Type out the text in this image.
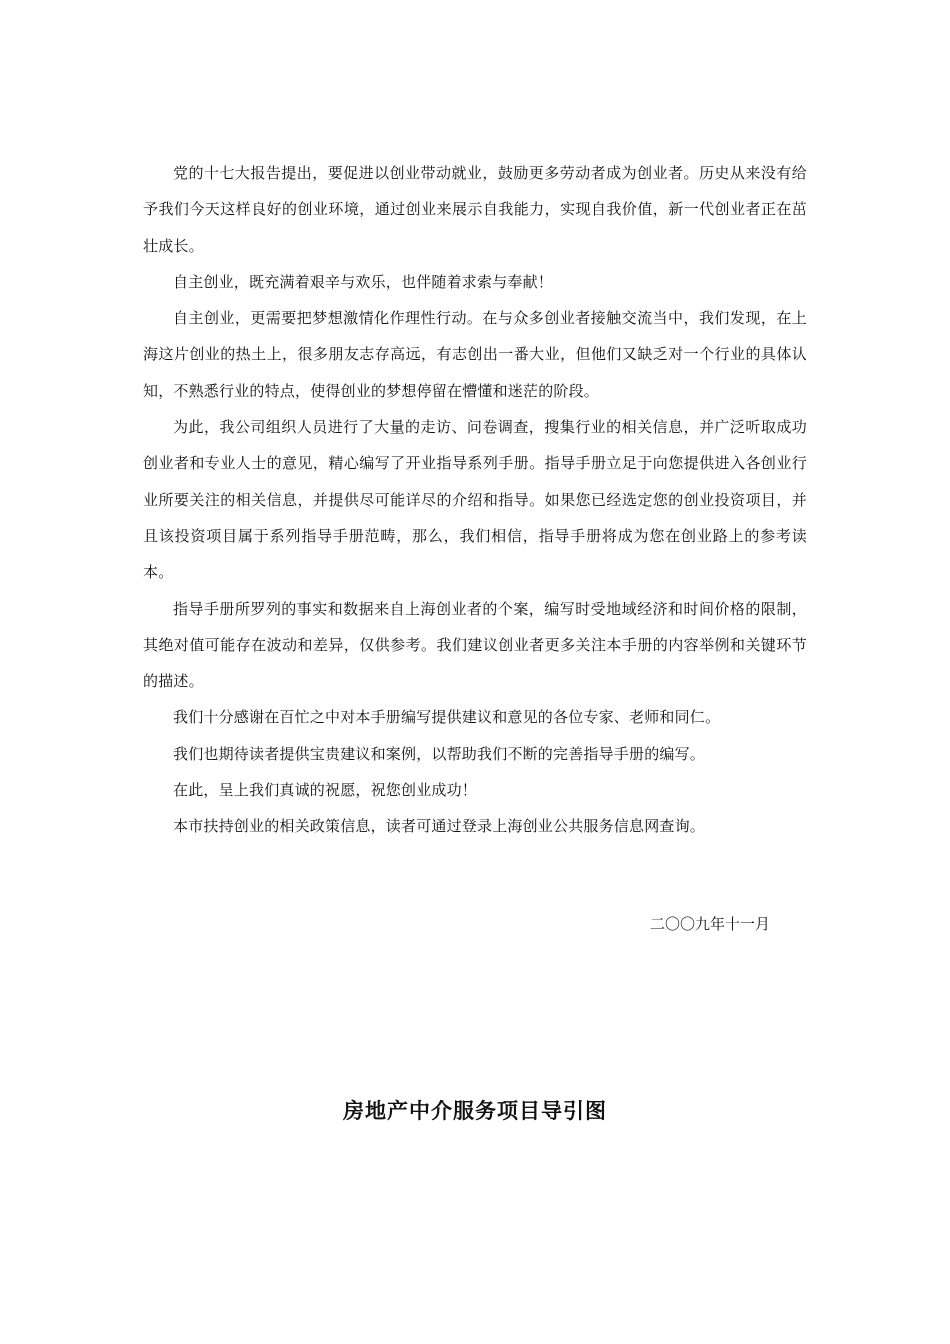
党的十七大报告提出，要促进以创业带动就业，鼓励更多劳动者成为创业者。历史从来没有给予我们今天这样良好的创业环境，通过创业来展示自我能力，实现自我价值，新一代创业者正在茁壮成长。

自主创业，既充满着艰辛与欢乐，也伴随着求索与奉献！

自主创业，更需要把梦想激情化作理性行动。在与众多创业者接触交流当中，我们发现，在上海这片创业的热土上，很多朋友志存高远，有志创出一番大业，但他们又缺乏对一个行业的具体认知，不熟悉行业的特点，使得创业的梦想停留在懵懂和迷茫的阶段。

为此，我公司组织人员进行了大量的走访、问卷调查，搜集行业的相关信息，并广泛听取成功创业者和专业人士的意见，精心编写了开业指导系列手册。指导手册立足于向您提供进入各创业行业所要关注的相关信息，并提供尽可能详尽的介绍和指导。如果您已经选定您的创业投资项目，并且该投资项目属于系列指导手册范畴，那么，我们相信，指导手册将成为您在创业路上的参考读本。

指导手册所罗列的事实和数据来自上海创业者的个案，编写时受地域经济和时间价格的限制，其绝对值可能存在波动和差异，仅供参考。我们建议创业者更多关注本手册的内容举例和关键环节的描述。

我们十分感谢在百忙之中对本手册编写提供建议和意见的各位专家、老师和同仁。

我们也期待读者提供宝贵建议和案例，以帮助我们不断的完善指导手册的编写。

在此，呈上我们真诚的祝愿，祝您创业成功！

本市扶持创业的相关政策信息，读者可通过登录上海创业公共服务信息网查询。

二〇〇九年十一月
房地产中介服务项目导引图
